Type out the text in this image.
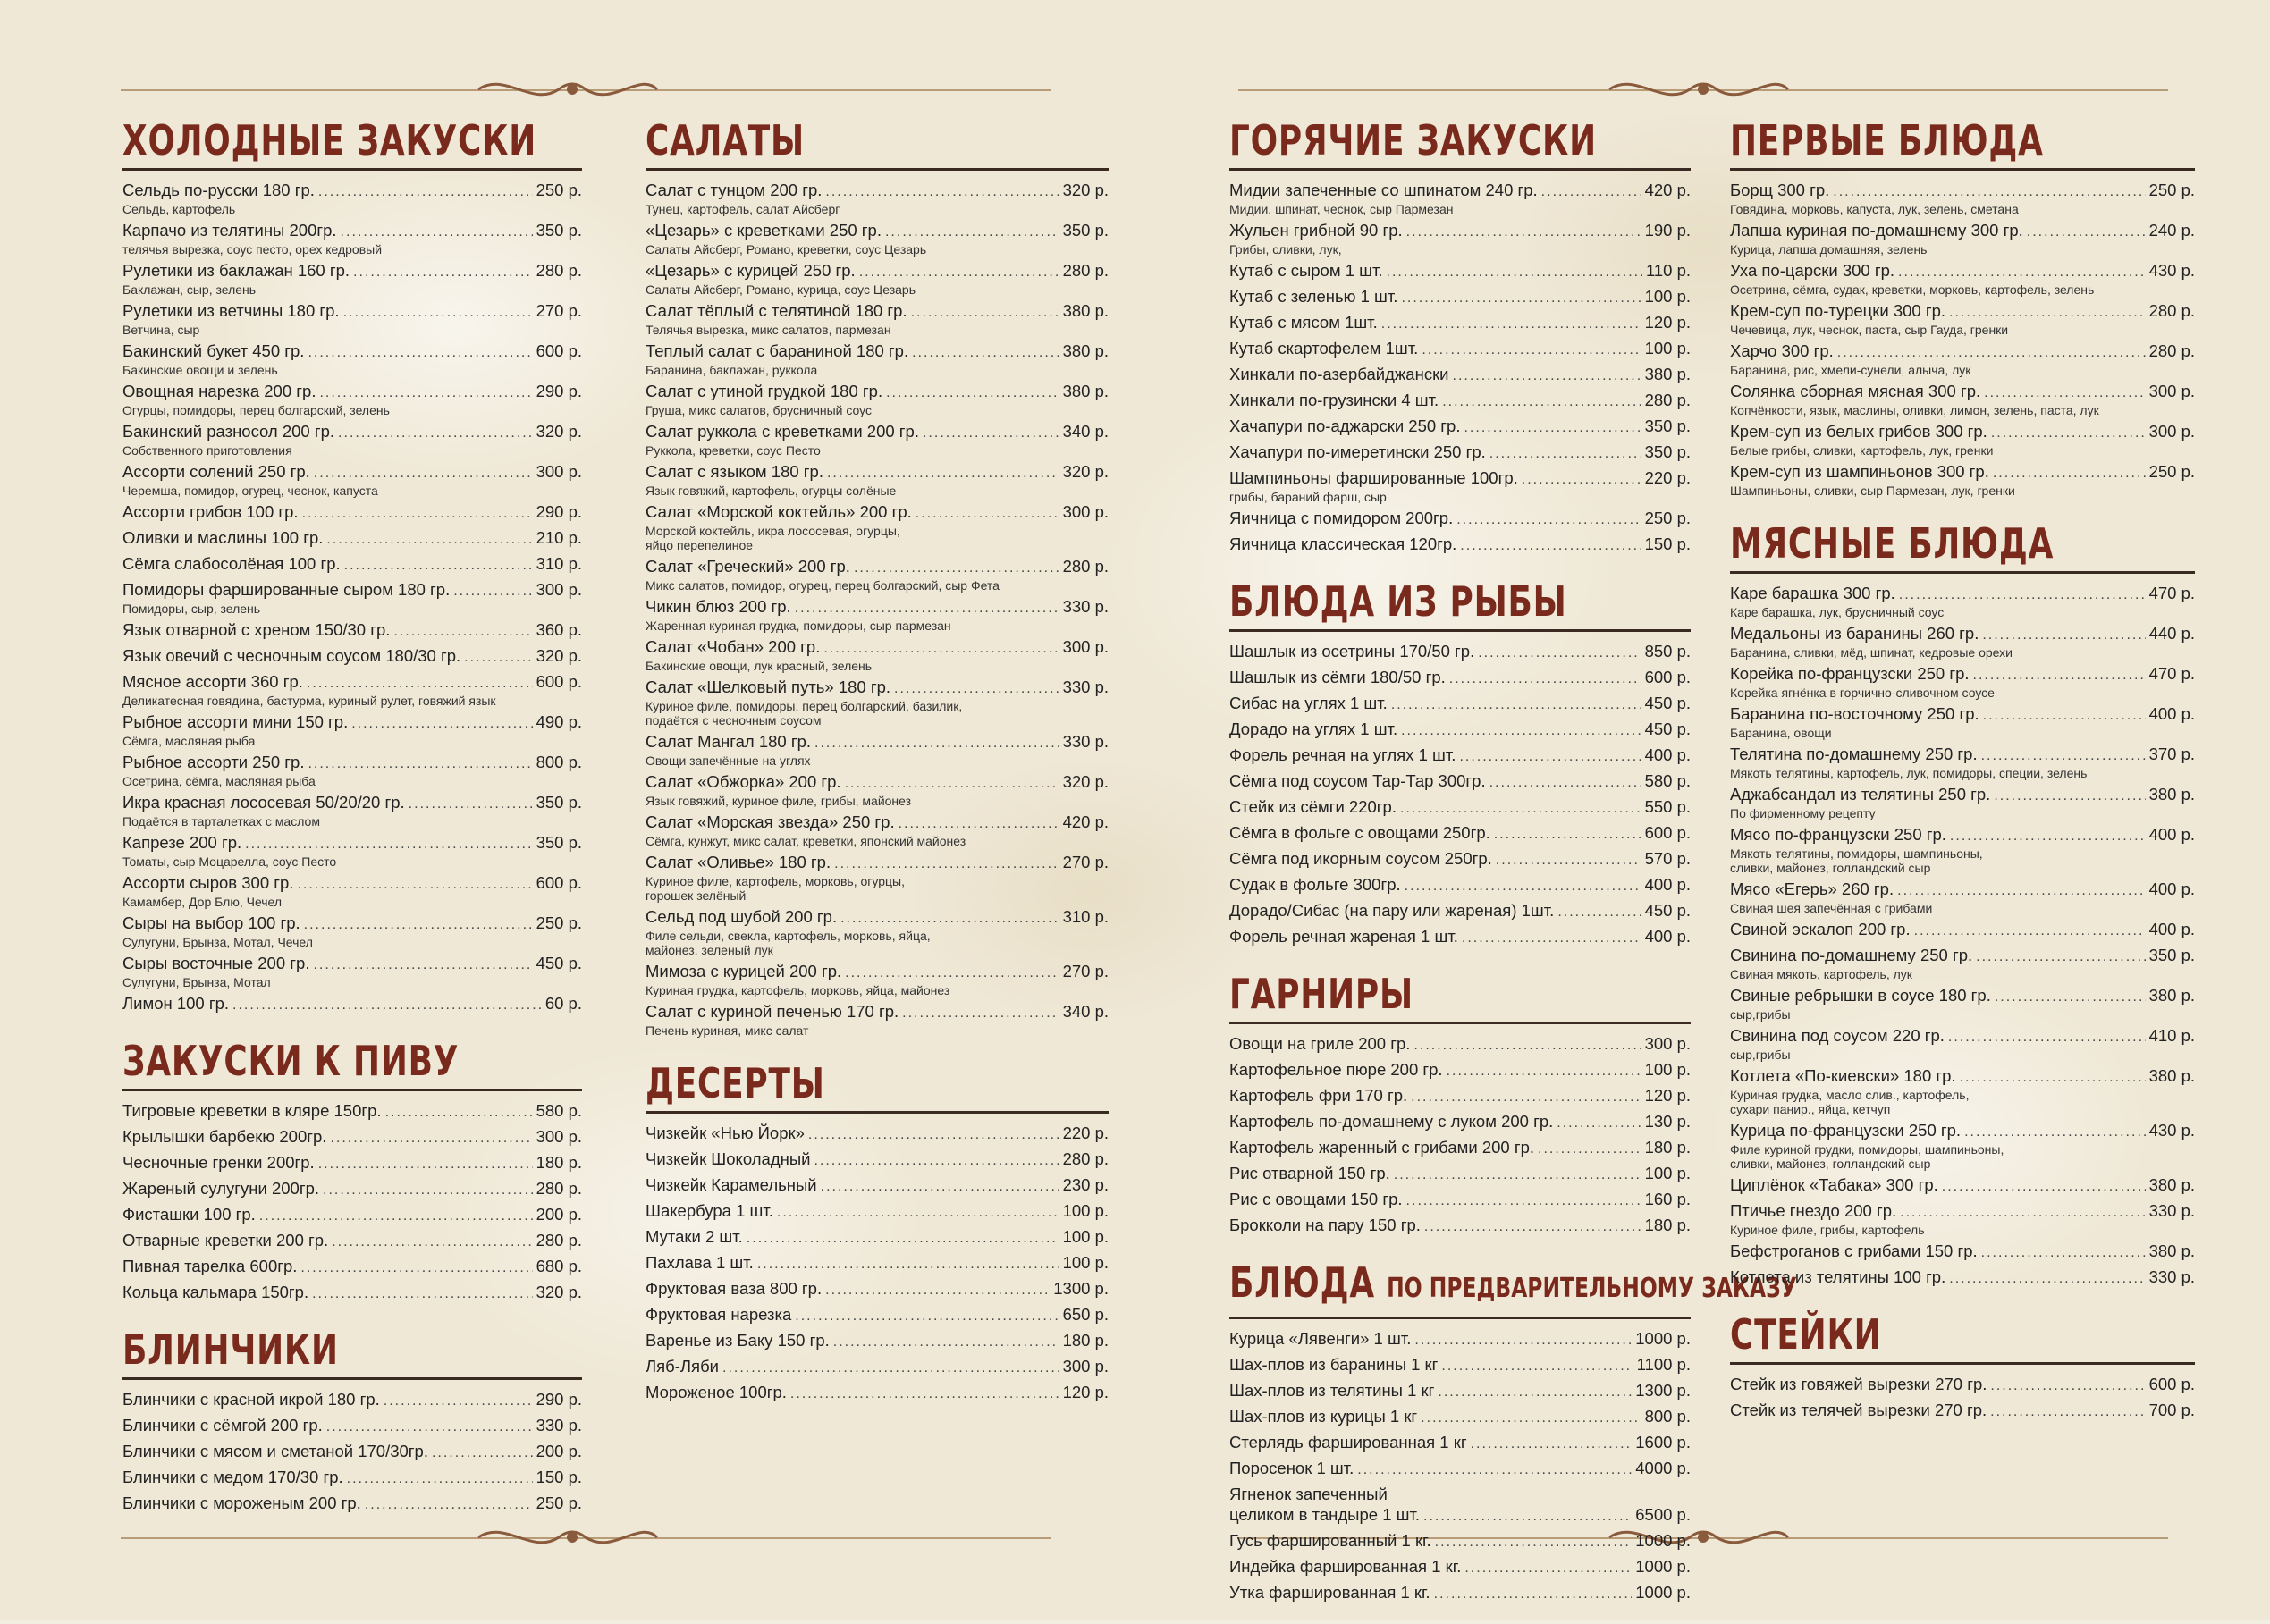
ХОЛОДНЫЕ ЗАКУСКИ
Сельдь по-русски 180 гр. .....	250 р.
Сельдь, картофель
Карпачо из телятины 200гр. .....	350 р.
телячья вырезка, соус песто, орех кедровый
Рулетики из баклажан 160 гр. .....	280 р.
Баклажан, сыр, зелень
Рулетики из ветчины 180 гр. .....	270 р.
Ветчина, сыр
Бакинский букет 450 гр. .....	600 р.
Бакинские овощи и зелень
Овощная нарезка 200 гр. .....	290 р.
Огурцы, помидоры, перец болгарский, зелень
Бакинский разносол 200 гр. .....	320 р.
Собственного приготовления
Ассорти солений 250 гр. .....	300 р.
Черемша, помидор, огурец, чеснок, капуста
Ассорти грибов 100 гр. .....	290 р.
Оливки и маслины 100 гр. .....	210 р.
Сёмга слабосолёная 100 гр. .....	310 р.
Помидоры фаршированные сыром 180 гр. .....	300 р.
Помидоры, сыр, зелень
Язык отварной с хреном 150/30 гр. .....	360 р.
Язык овечий с чесночным соусом 180/30 гр. .....	320 р.
Мясное ассорти 360 гр. .....	600 р.
Деликатесная говядина, бастурма, куриный рулет, говяжий язык
Рыбное ассорти мини 150 гр. .....	490 р.
Сёмга, масляная рыба
Рыбное ассорти 250 гр. .....	800 р.
Осетрина, сёмга, масляная рыба
Икра красная лососевая 50/20/20 гр. .....	350 р.
Подаётся в тарталетках с маслом
Капрезе 200 гр. .....	350 р.
Томаты, сыр Моцарелла, соус Песто
Ассорти сыров 300 гр. .....	600 р.
Камамбер, Дор Блю, Чечел
Сыры на выбор 100 гр. .....	250 р.
Сулугуни, Брынза, Мотал, Чечел
Сыры восточные 200 гр. .....	450 р.
Сулугуни, Брынза, Мотал
Лимон 100 гр. .....	60 р.
ЗАКУСКИ К ПИВУ
Тигровые креветки в кляре 150гр. .....	580 р.
Крылышки барбекю 200гр. .....	300 р.
Чесночные гренки 200гр. .....	180 р.
Жареный сулугуни 200гр. .....	280 р.
Фисташки 100 гр. .....	200 р.
Отварные креветки 200 гр. .....	280 р.
Пивная тарелка 600гр. .....	680 р.
Кольца кальмара 150гр. .....	320 р.
БЛИНЧИКИ
Блинчики с красной икрой 180 гр. .....	290 р.
Блинчики с сёмгой 200 гр. .....	330 р.
Блинчики с мясом и сметаной 170/30гр. .....	200 р.
Блинчики с медом 170/30 гр. .....	150 р.
Блинчики с мороженым 200 гр. .....	250 р.
САЛАТЫ
Салат с тунцом 200 гр. .....	320 р.
Тунец, картофель, салат Айсберг
«Цезарь» с креветками 250 гр. .....	350 р.
Салаты Айсберг, Романо, креветки, соус Цезарь
«Цезарь» с курицей 250 гр. .....	280 р.
Салаты Айсберг, Романо, курица, соус Цезарь
Салат тёплый с телятиной 180 гр. .....	380 р.
Телячья вырезка, микс салатов, пармезан
Теплый салат с бараниной 180 гр. .....	380 р.
Баранина, баклажан, руккола
Салат с утиной грудкой 180 гр. .....	380 р.
Груша, микс салатов, брусничный соус
Салат руккола с креветками 200 гр. .....	340 р.
Руккола, креветки, соус Песто
Салат с языком 180 гр. .....	320 р.
Язык говяжий, картофель, огурцы солёные
Салат «Морской коктейль» 200 гр. .....	300 р.
Морской коктейль, икра лососевая, огурцы,
яйцо перепелиное
Салат «Греческий» 200 гр. .....	280 р.
Микс салатов, помидор, огурец, перец болгарский, сыр Фета
Чикин блюз 200 гр. .....	330 р.
Жаренная куриная грудка, помидоры, сыр пармезан
Салат «Чобан» 200 гр. .....	300 р.
Бакинские овощи, лук красный, зелень
Салат «Шелковый путь» 180 гр. .....	330 р.
Куриное филе, помидоры, перец болгарский, базилик,
подаётся с чесночным соусом
Салат Мангал 180 гр. .....	330 р.
Овощи запечённые на углях
Салат «Обжорка» 200 гр. .....	320 р.
Язык говяжий, куриное филе, грибы, майонез
Салат «Морская звезда» 250 гр. .....	420 р.
Сёмга, кунжут, микс салат, креветки, японский майонез
Салат «Оливье» 180 гр. .....	270 р.
Куриное филе, картофель, морковь, огурцы,
горошек зелёный
Сельд под шубой 200 гр. .....	310 р.
Филе сельди, свекла, картофель, морковь, яйца,
майонез, зеленый лук
Мимоза с курицей 200 гр. .....	270 р.
Куриная грудка, картофель, морковь, яйца, майонез
Салат с куриной печенью 170 гр. .....	340 р.
Печень куриная, микс салат
ДЕСЕРТЫ
Чизкейк «Нью Йорк» .....	220 р.
Чизкейк Шоколадный .....	280 р.
Чизкейк Карамельный .....	230 р.
Шакербура 1 шт. .....	100 р.
Мутаки 2 шт. .....	100 р.
Пахлава 1 шт. .....	100 р.
Фруктовая ваза 800 гр. .....	1300 р.
Фруктовая нарезка .....	650 р.
Варенье из Баку 150 гр. .....	180 р.
Ляб-Ляби .....	300 р.
Мороженое 100гр. .....	120 р.
ГОРЯЧИЕ ЗАКУСКИ
Мидии запеченные со шпинатом 240 гр. .....	420 р.
Мидии, шпинат, чеснок, сыр Пармезан
Жульен грибной 90 гр. .....	190 р.
Грибы, сливки, лук,
Кутаб с сыром 1 шт. .....	110 р.
Кутаб с зеленью 1 шт. .....	100 р.
Кутаб с мясом 1шт. .....	120 р.
Кутаб скартофелем 1шт. .....	100 р.
Хинкали по-азербайджански .....	380 р.
Хинкали по-грузински 4 шт. .....	280 р.
Хачапури по-аджарски 250 гр. .....	350 р.
Хачапури по-имеретински 250 гр. .....	350 р.
Шампиньоны фаршированные 100гр. .....	220 р.
грибы, бараний фарш, сыр
Яичница с помидором 200гр. .....	250 р.
Яичница классическая 120гр. .....	150 р.
БЛЮДА ИЗ РЫБЫ
Шашлык из осетрины 170/50 гр. .....	850 р.
Шашлык из сёмги 180/50 гр. .....	600 р.
Сибас на углях 1 шт. .....	450 р.
Дорадо на углях 1 шт. .....	450 р.
Форель речная на углях 1 шт. .....	400 р.
Сёмга под соусом Тар-Тар 300гр. .....	580 р.
Стейк из сёмги 220гр. .....	550 р.
Сёмга в фольге с овощами 250гр. .....	600 р.
Сёмга под икорным соусом 250гр. .....	570 р.
Судак в фольге 300гр. .....	400 р.
Дорадо/Сибас (на пару или жареная) 1шт. .....	450 р.
Форель речная жареная 1 шт. .....	400 р.
ГАРНИРЫ
Овощи на гриле 200 гр. .....	300 р.
Картофельное пюре 200 гр. .....	100 р.
Картофель фри 170 гр. .....	120 р.
Картофель по-домашнему с луком 200 гр. .....	130 р.
Картофель жаренный с грибами 200 гр. .....	180 р.
Рис отварной 150 гр. .....	100 р.
Рис с овощами 150 гр. .....	160 р.
Брокколи на пару 150 гр. .....	180 р.
БЛЮДА ПО ПРЕДВАРИТЕЛЬНОМУ ЗАКАЗУ
Курица «Лявенги» 1 шт. .....	1000 р.
Шах-плов из баранины 1 кг .....	1100 р.
Шах-плов из телятины 1 кг .....	1300 р.
Шах-плов из курицы 1 кг .....	800 р.
Стерлядь фаршированная 1 кг .....	1600 р.
Поросенок 1 шт. .....	4000 р.
Ягненок запеченный
целиком в тандыре 1 шт. .....	6500 р.
Гусь фаршированный 1 кг. .....	1000 р.
Индейка фаршированная 1 кг. .....	1000 р.
Утка фаршированная 1 кг. .....	1000 р.
ПЕРВЫЕ БЛЮДА
Борщ 300 гр. .....	250 р.
Говядина, морковь, капуста, лук, зелень, сметана
Лапша куриная по-домашнему 300 гр. .....	240 р.
Курица, лапша домашняя, зелень
Уха по-царски 300 гр. .....	430 р.
Осетрина, сёмга, судак, креветки, морковь, картофель, зелень
Крем-суп по-турецки 300 гр. .....	280 р.
Чечевица, лук, чеснок, паста, сыр Гауда, гренки
Харчо 300 гр. .....	280 р.
Баранина, рис, хмели-сунели, алыча, лук
Солянка сборная мясная 300 гр. .....	300 р.
Копчёнкости, язык, маслины, оливки, лимон, зелень, паста, лук
Крем-суп из белых грибов 300 гр. .....	300 р.
Белые грибы, сливки, картофель, лук, гренки
Крем-суп из шампиньонов 300 гр. .....	250 р.
Шампиньоны, сливки, сыр Пармезан, лук, гренки
МЯСНЫЕ БЛЮДА
Каре барашка 300 гр. .....	470 р.
Каре барашка, лук, брусничный соус
Медальоны из баранины 260 гр. .....	440 р.
Баранина, сливки, мёд, шпинат, кедровые орехи
Корейка по-французски 250 гр. .....	470 р.
Корейка ягнёнка в горчично-сливочном соусе
Баранина по-восточному 250 гр. .....	400 р.
Баранина, овощи
Телятина по-домашнему 250 гр. .....	370 р.
Мякоть телятины, картофель, лук, помидоры, специи, зелень
Аджабсандал из телятины 250 гр. .....	380 р.
По фирменному рецепту
Мясо по-французски 250 гр. .....	400 р.
Мякоть телятины, помидоры, шампиньоны,
сливки, майонез, голландский сыр
Мясо «Егерь» 260 гр. .....	400 р.
Свиная шея запечённая с грибами
Свиной эскалоп 200 гр. .....	400 р.
Свинина по-домашнему 250 гр. .....	350 р.
Свиная мякоть, картофель, лук
Свиные ребрышки в соусе 180 гр. .....	380 р.
сыр,грибы
Свинина под соусом 220 гр. .....	410 р.
сыр,грибы
Котлета «По-киевски» 180 гр. .....	380 р.
Куриная грудка, масло слив., картофель,
сухари панир., яйца, кетчуп
Курица по-французски 250 гр. .....	430 р.
Филе куриной грудки, помидоры, шампиньоны,
сливки, майонез, голландский сыр
Циплёнок «Табака» 300 гр. .....	380 р.
Птичье гнездо 200 гр. .....	330 р.
Куриное филе, грибы, картофель
Бефстроганов с грибами 150 гр. .....	380 р.
Котлета из телятины 100 гр. .....	330 р.
СТЕЙКИ
Стейк из говяжей вырезки 270 гр. .....	600 р.
Стейк из телячей вырезки 270 гр. .....	700 р.
